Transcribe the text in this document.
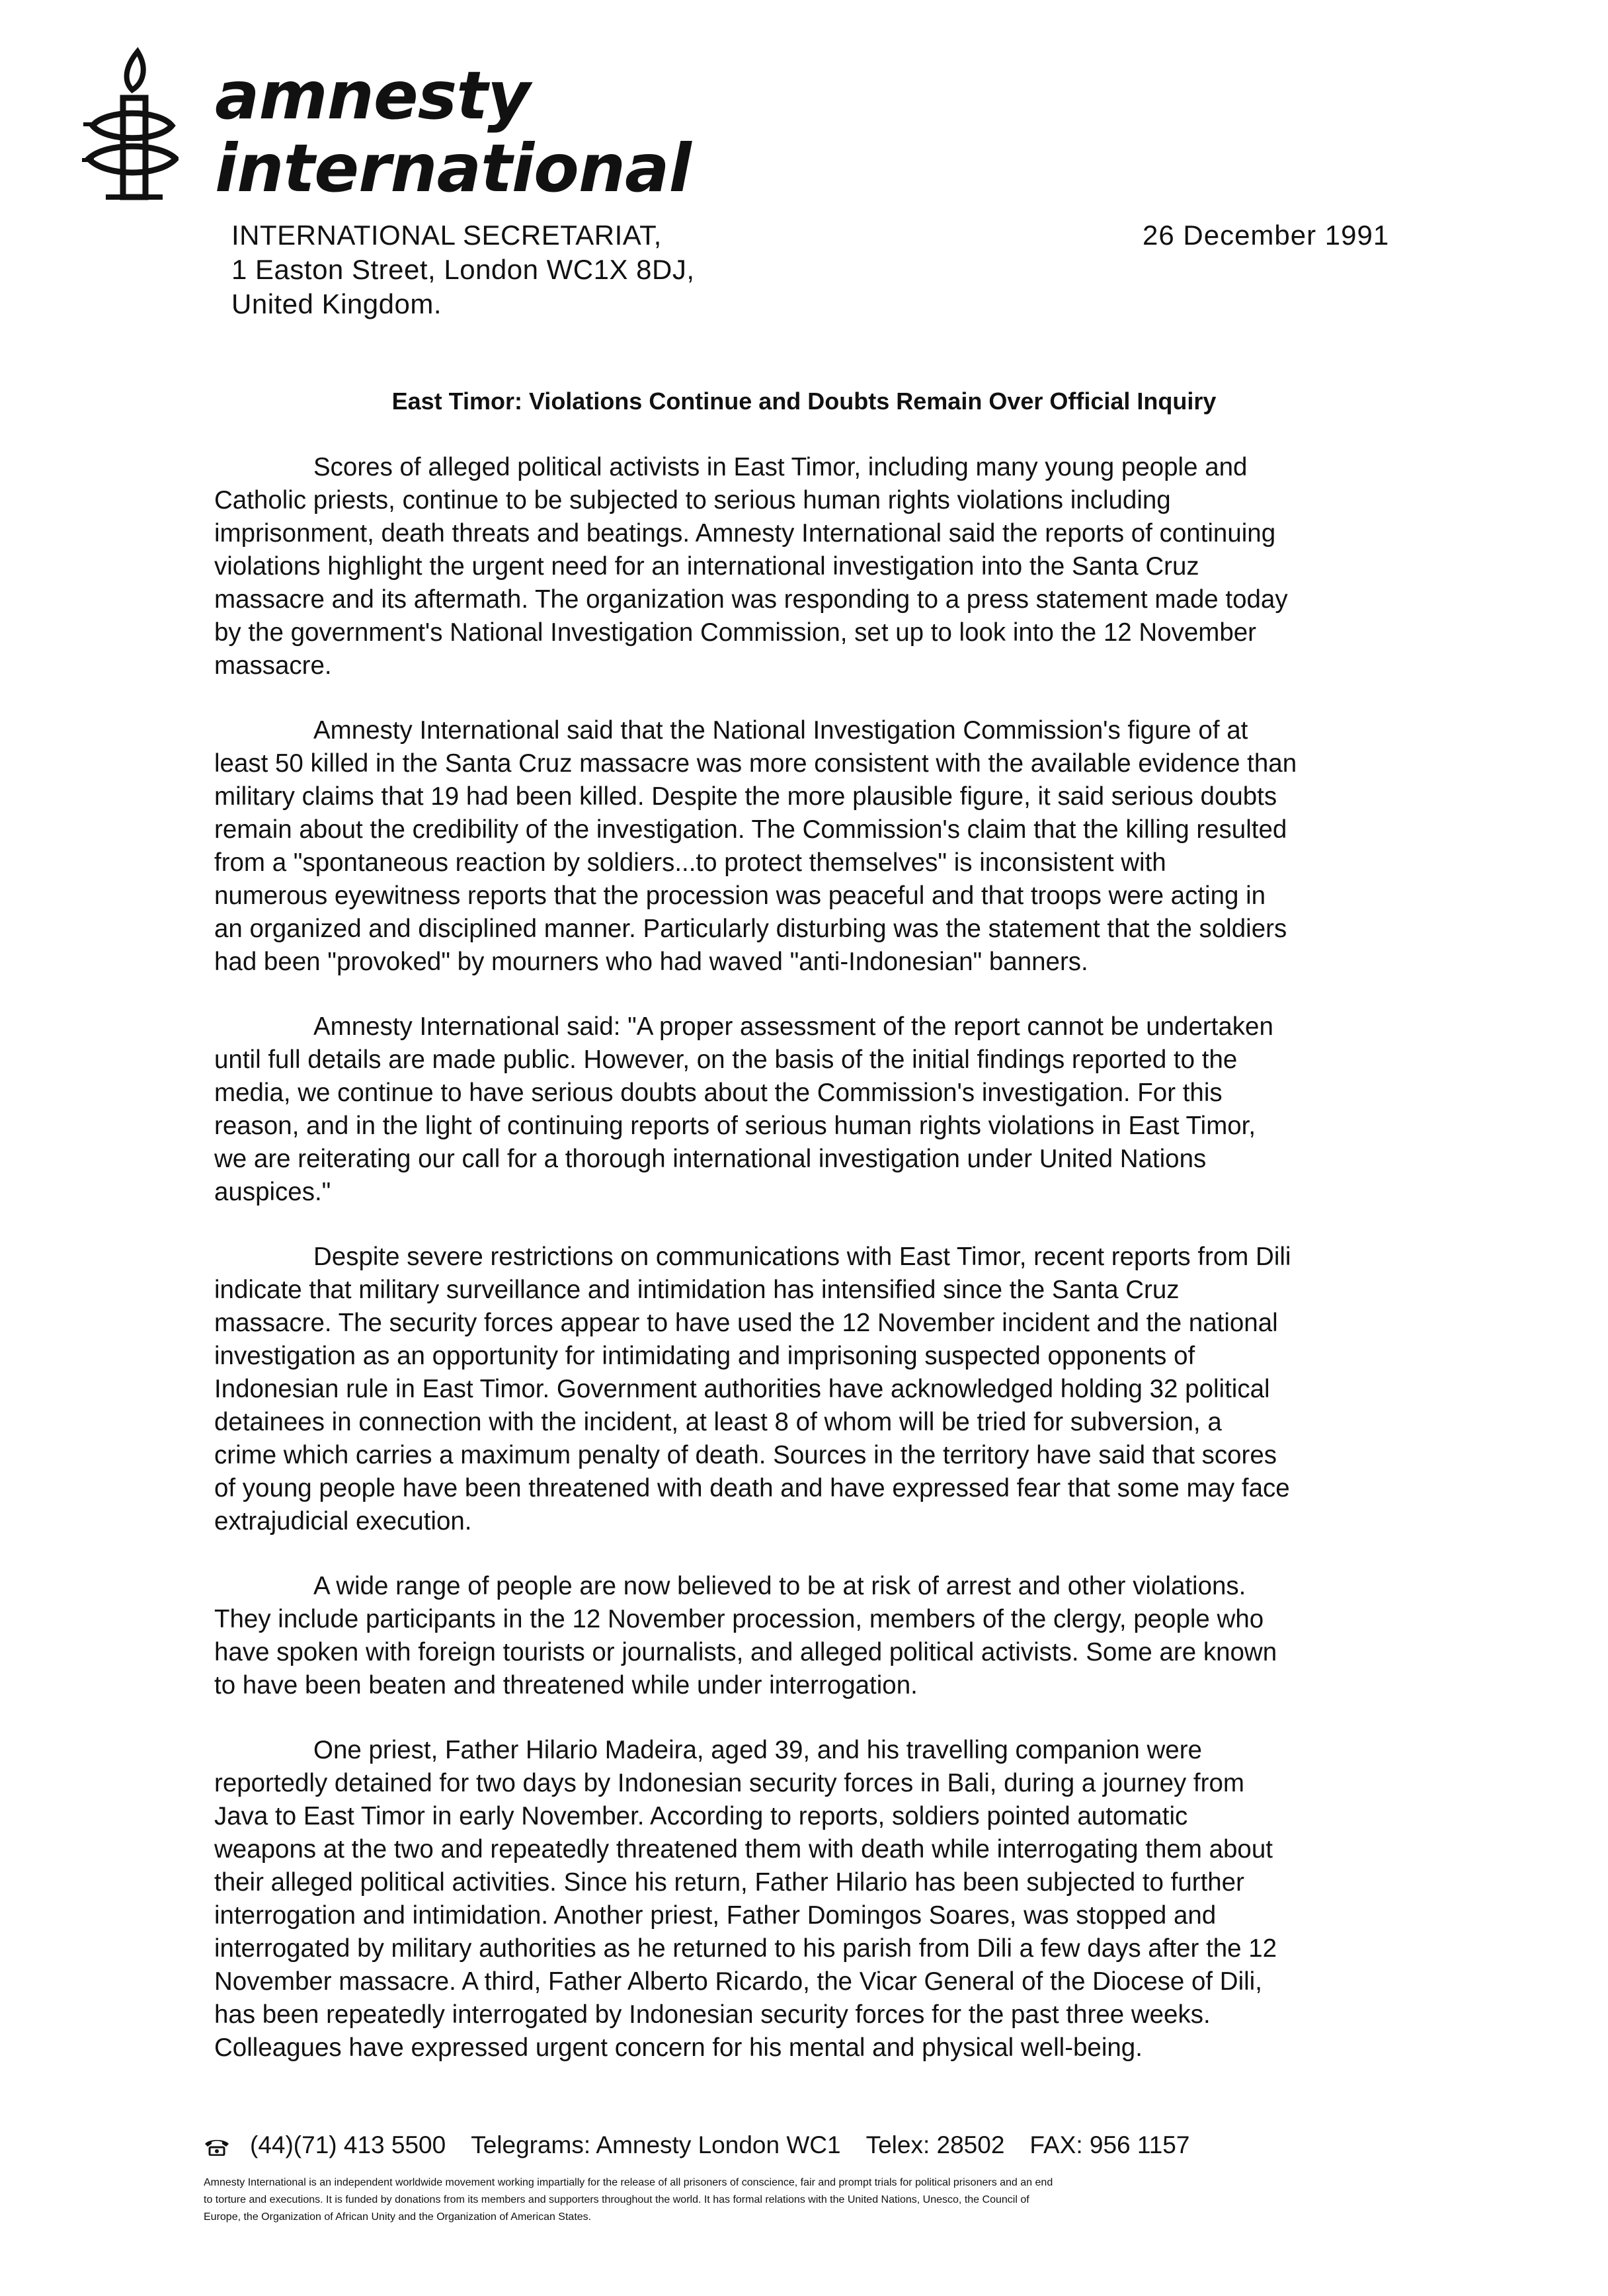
amnesty
international
INTERNATIONAL SECRETARIAT,
1 Easton Street, London WC1X 8DJ,
United Kingdom.
26 December 1991
East Timor: Violations Continue and Doubts Remain Over Official Inquiry

Scores of alleged political activists in East Timor, including many young people and
Catholic priests, continue to be subjected to serious human rights violations including
imprisonment, death threats and beatings. Amnesty International said the reports of continuing
violations highlight the urgent need for an international investigation into the Santa Cruz
massacre and its aftermath. The organization was responding to a press statement made today
by the government's National Investigation Commission, set up to look into the 12 November
massacre.

Amnesty International said that the National Investigation Commission's figure of at
least 50 killed in the Santa Cruz massacre was more consistent with the available evidence than
military claims that 19 had been killed. Despite the more plausible figure, it said serious doubts
remain about the credibility of the investigation. The Commission's claim that the killing resulted
from a "spontaneous reaction by soldiers...to protect themselves" is inconsistent with
numerous eyewitness reports that the procession was peaceful and that troops were acting in
an organized and disciplined manner. Particularly disturbing was the statement that the soldiers
had been "provoked" by mourners who had waved "anti-Indonesian" banners.

Amnesty International said: "A proper assessment of the report cannot be undertaken
until full details are made public. However, on the basis of the initial findings reported to the
media, we continue to have serious doubts about the Commission's investigation. For this
reason, and in the light of continuing reports of serious human rights violations in East Timor,
we are reiterating our call for a thorough international investigation under United Nations
auspices."

Despite severe restrictions on communications with East Timor, recent reports from Dili
indicate that military surveillance and intimidation has intensified since the Santa Cruz
massacre. The security forces appear to have used the 12 November incident and the national
investigation as an opportunity for intimidating and imprisoning suspected opponents of
Indonesian rule in East Timor. Government authorities have acknowledged holding 32 political
detainees in connection with the incident, at least 8 of whom will be tried for subversion, a
crime which carries a maximum penalty of death. Sources in the territory have said that scores
of young people have been threatened with death and have expressed fear that some may face
extrajudicial execution.

A wide range of people are now believed to be at risk of arrest and other violations.
They include participants in the 12 November procession, members of the clergy, people who
have spoken with foreign tourists or journalists, and alleged political activists. Some are known
to have been beaten and threatened while under interrogation.

One priest, Father Hilario Madeira, aged 39, and his travelling companion were
reportedly detained for two days by Indonesian security forces in Bali, during a journey from
Java to East Timor in early November. According to reports, soldiers pointed automatic
weapons at the two and repeatedly threatened them with death while interrogating them about
their alleged political activities. Since his return, Father Hilario has been subjected to further
interrogation and intimidation. Another priest, Father Domingos Soares, was stopped and
interrogated by military authorities as he returned to his parish from Dili a few days after the 12
November massacre. A third, Father Alberto Ricardo, the Vicar General of the Diocese of Dili,
has been repeatedly interrogated by Indonesian security forces for the past three weeks.
Colleagues have expressed urgent concern for his mental and physical well-being.

(44)(71) 413 5500 Telegrams: Amnesty London WC1 Telex: 28502 FAX: 956 1157
Amnesty International is an independent worldwide movement working impartially for the release of all prisoners of conscience, fair and prompt trials for political prisoners and an end
to torture and executions. It is funded by donations from its members and supporters throughout the world. It has formal relations with the United Nations, Unesco, the Council of
Europe, the Organization of African Unity and the Organization of American States.
